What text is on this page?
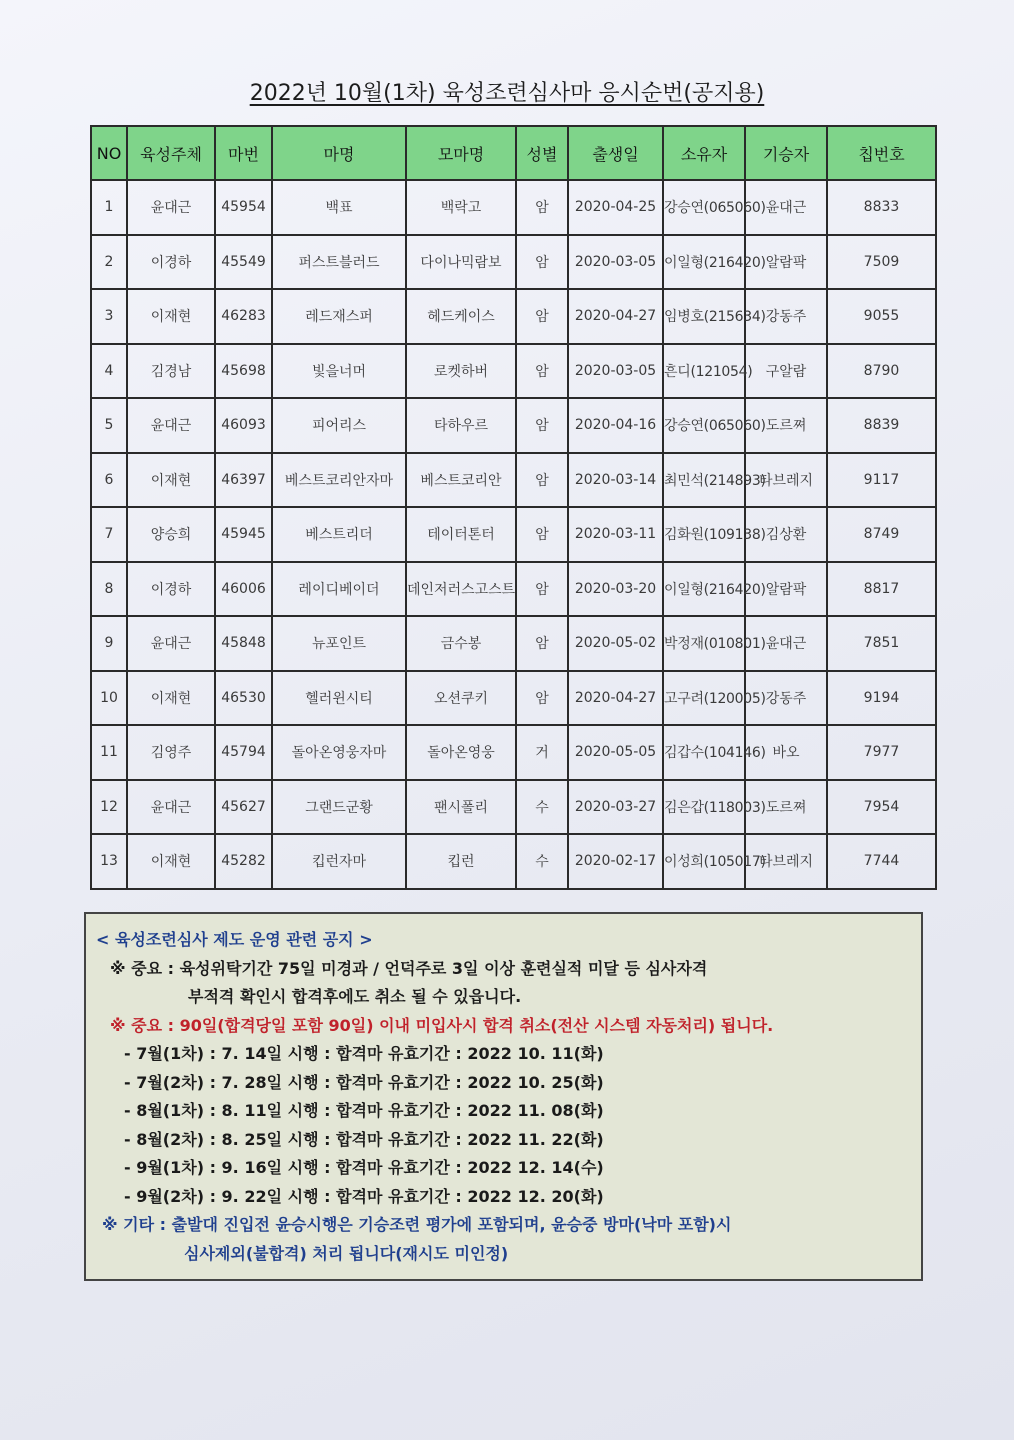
2022년 10월(1차) 육성조련심사마 응시순번(공지용)
NO	육성주체	마번	마명	모마명	성별	출생일	소유자	기승자	칩번호
1	윤대근	45954	백표	백락고	암	2020-04-25	강승연(065060)	윤대근	8833
2	이경하	45549	퍼스트블러드	다이나믹람보	암	2020-03-05	이일형(216420)	알람팍	7509
3	이재현	46283	레드재스퍼	헤드케이스	암	2020-04-27	임병호(215634)	강동주	9055
4	김경남	45698	빛을너머	로켓하버	암	2020-03-05	흔디(121054)	구알람	8790
5	윤대근	46093	피어리스	타하우르	암	2020-04-16	강승연(065060)	도르쪄	8839
6	이재현	46397	베스트코리안자마	베스트코리안	암	2020-03-14	최민석(214893)	타브레지	9117
7	양승희	45945	베스트리더	테이터톤터	암	2020-03-11	김화원(109138)	김상환	8749
8	이경하	46006	레이디베이더	데인저러스고스트	암	2020-03-20	이일형(216420)	알람팍	8817
9	윤대근	45848	뉴포인트	금수봉	암	2020-05-02	박정재(010801)	윤대근	7851
10	이재현	46530	헬러윈시티	오션쿠키	암	2020-04-27	고구려(120005)	강동주	9194
11	김영주	45794	돌아온영웅자마	돌아온영웅	거	2020-05-05	김갑수(104146)	바오	7977
12	윤대근	45627	그랜드군황	팬시폴리	수	2020-03-27	김은갑(118003)	도르쪄	7954
13	이재현	45282	킵런자마	킵런	수	2020-02-17	이성희(105017)	타브레지	7744
< 육성조련심사 제도 운영 관련 공지 >
※ 중요 : 육성위탁기간 75일 미경과 / 언덕주로 3일 이상 훈련실적 미달 등 심사자격
부적격 확인시 합격후에도 취소 될 수 있읍니다.
※ 중요 : 90일(합격당일 포함 90일) 이내 미입사시 합격 취소(전산 시스템 자동처리) 됩니다.
- 7월(1차) : 7. 14일 시행 : 합격마 유효기간 : 2022 10. 11(화)
- 7월(2차) : 7. 28일 시행 : 합격마 유효기간 : 2022 10. 25(화)
- 8월(1차) : 8. 11일 시행 : 합격마 유효기간 : 2022 11. 08(화)
- 8월(2차) : 8. 25일 시행 : 합격마 유효기간 : 2022 11. 22(화)
- 9월(1차) : 9. 16일 시행 : 합격마 유효기간 : 2022 12. 14(수)
- 9월(2차) : 9. 22일 시행 : 합격마 유효기간 : 2022 12. 20(화)
※ 기타 : 출발대 진입전 윤승시행은 기승조련 평가에 포함되며, 윤승중 방마(낙마 포함)시
심사제외(불합격) 처리 됩니다(재시도 미인정)
